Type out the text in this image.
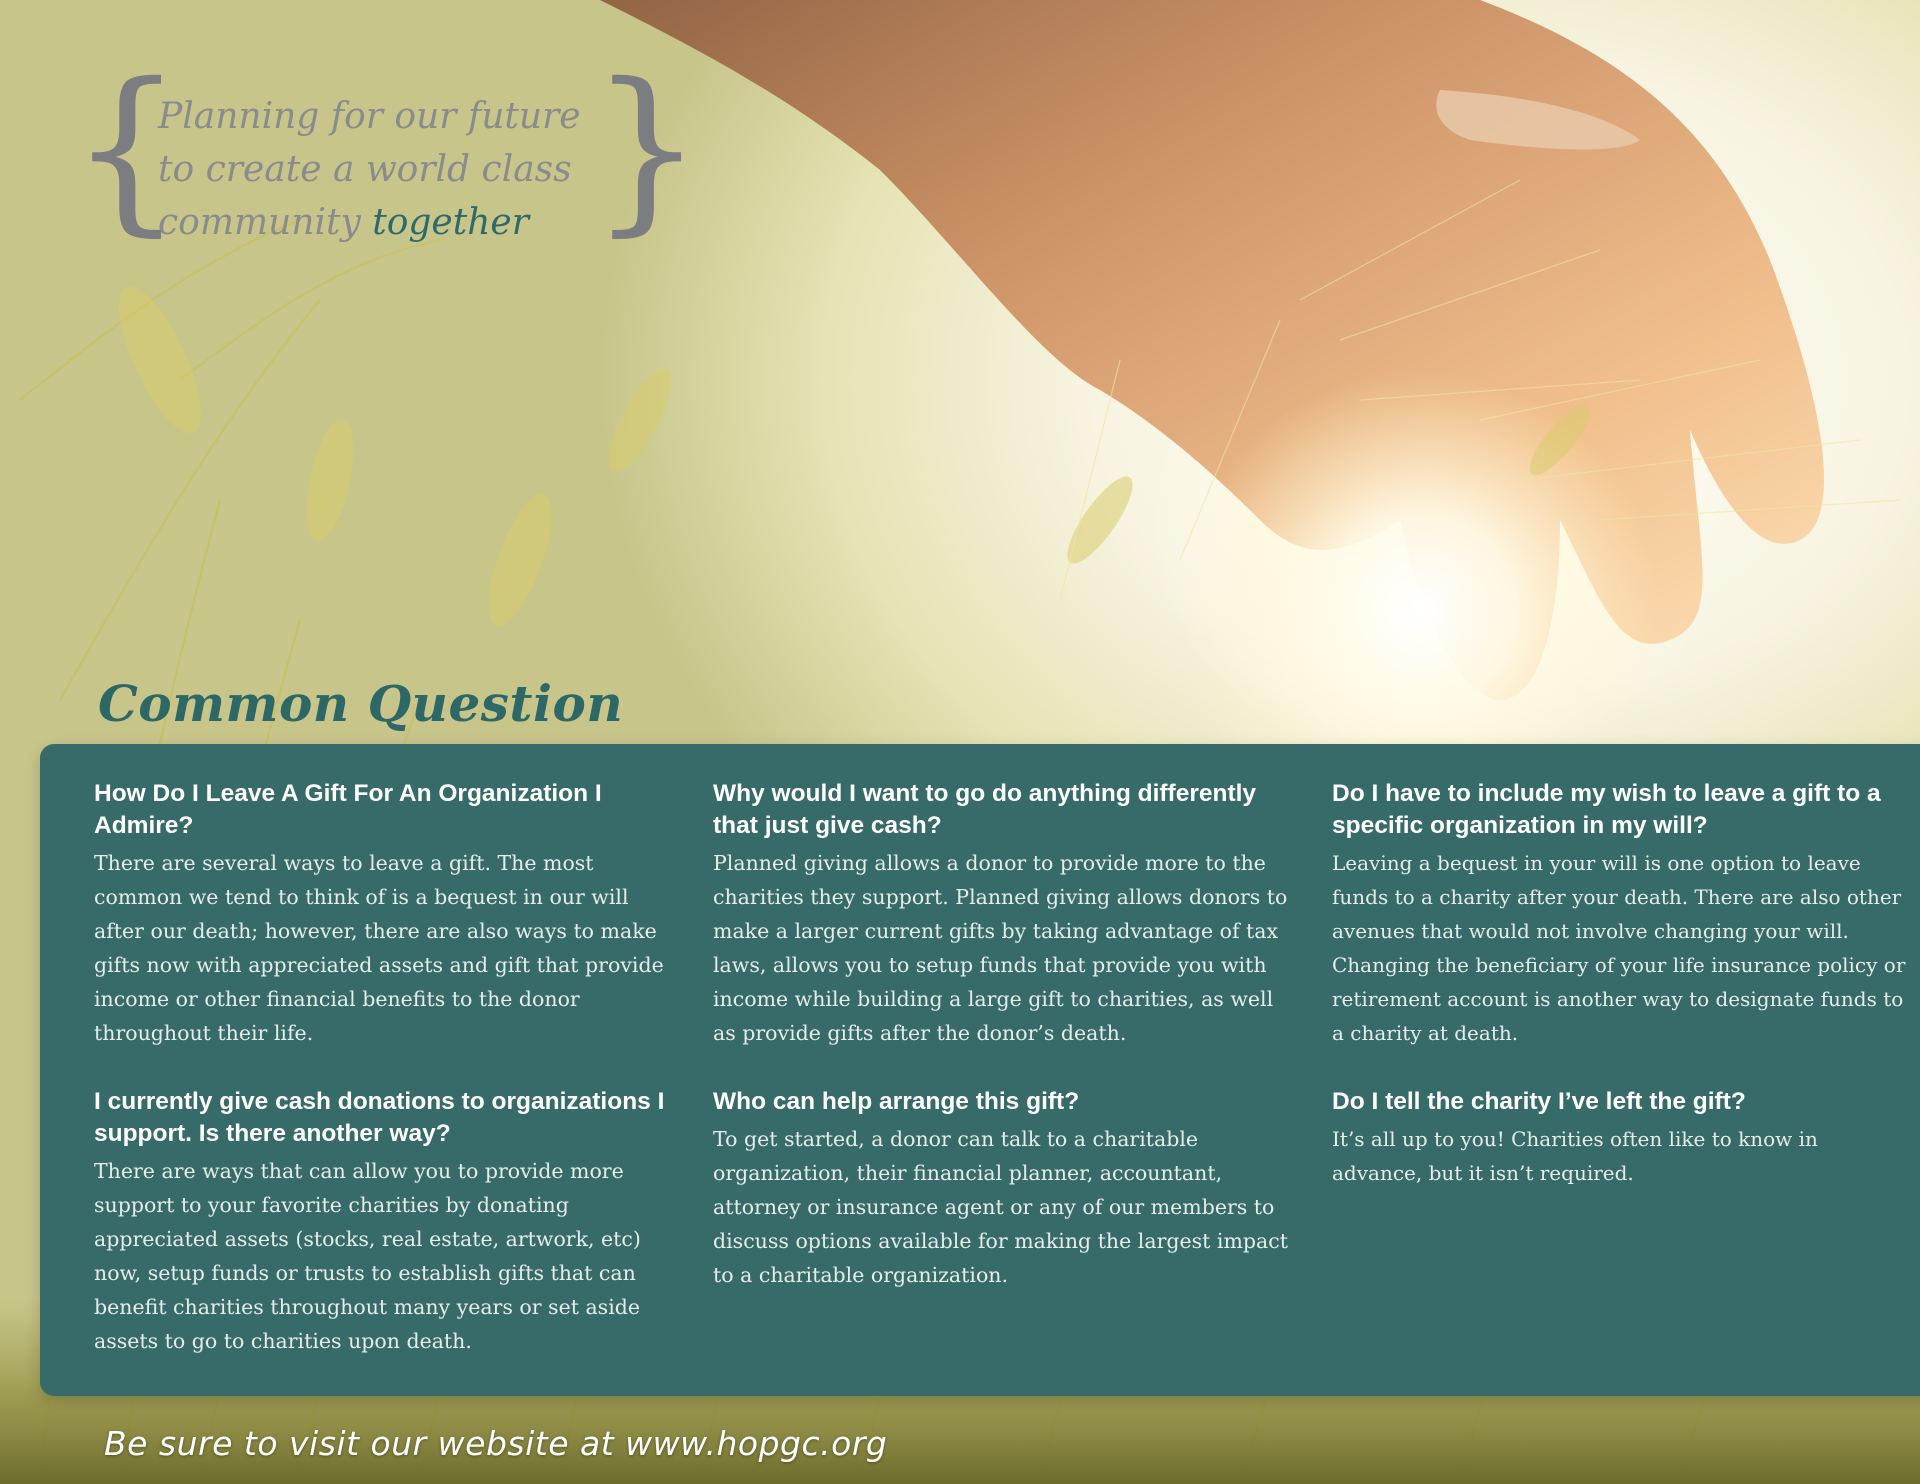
{
Planning for our future
to create a world class
community together }
Common Question
How Do I Leave A Gift For An Organization I Admire?

There are several ways to leave a gift. The most common we tend to think of is a bequest in our will after our death; however, there are also ways to make gifts now with appreciated assets and gift that provide income or other financial benefits to the donor throughout their life.

I currently give cash donations to organizations I support. Is there another way?

There are ways that can allow you to provide more support to your favorite charities by donating appreciated assets (stocks, real estate, artwork, etc) now, setup funds or trusts to establish gifts that can benefit charities throughout many years or set aside assets to go to charities upon death.

Why would I want to go do anything differently that just give cash?

Planned giving allows a donor to provide more to the charities they support. Planned giving allows donors to make a larger current gifts by taking advantage of tax laws, allows you to setup funds that provide you with income while building a large gift to charities, as well as provide gifts after the donor’s death.

Who can help arrange this gift?

To get started, a donor can talk to a charitable organization, their financial planner, accountant, attorney or insurance agent or any of our members to discuss options available for making the largest impact to a charitable organization.

Do I have to include my wish to leave a gift to a specific organization in my will?

Leaving a bequest in your will is one option to leave funds to a charity after your death. There are also other avenues that would not involve changing your will. Changing the beneficiary of your life insurance policy or retirement account is another way to designate funds to a charity at death.

Do I tell the charity I’ve left the gift?

It’s all up to you! Charities often like to know in advance, but it isn’t required.

Be sure to visit our website at www.hopgc.org
